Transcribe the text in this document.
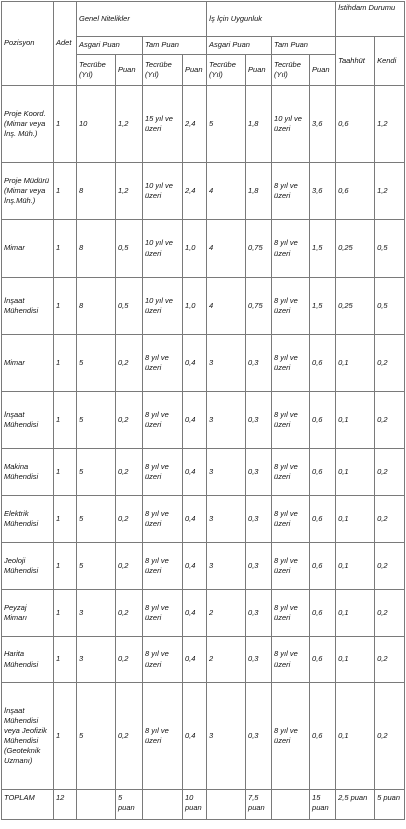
Pozisyon	Adet	Genel Nitelikler				İş İçin Uygunluk				İstihdam Durumu	
		Asgari Puan		Tam Puan		Asgari Puan		Tam Puan		Taahhüt	Kendi
		Tecrübe (Yıl)	Puan	Tecrübe (Yıl)	Puan	Tecrübe (Yıl)	Puan	Tecrübe (Yıl)	Puan		
Proje Koord. (Mimar veya İnş. Müh.)	1	10	1,2	15 yıl ve üzeri	2,4	5	1,8	10 yıl ve üzeri	3,6	0,6	1,2
Proje Müdürü (Mimar veya İnş.Müh.)	1	8	1,2	10 yıl ve üzeri	2,4	4	1,8	8 yıl ve üzeri	3,6	0,6	1,2
Mimar	1	8	0,5	10 yıl ve üzeri	1,0	4	0,75	8 yıl ve üzeri	1,5	0,25	0,5
İnşaat Mühendisi	1	8	0,5	10 yıl ve üzeri	1,0	4	0,75	8 yıl ve üzeri	1,5	0,25	0,5
Mimar	1	5	0,2	8 yıl ve üzeri	0,4	3	0,3	8 yıl ve üzeri	0,6	0,1	0,2
İnşaat Mühendisi	1	5	0,2	8 yıl ve üzeri	0,4	3	0,3	8 yıl ve üzeri	0,6	0,1	0,2
Makina Mühendisi	1	5	0,2	8 yıl ve üzeri	0,4	3	0,3	8 yıl ve üzeri	0,6	0,1	0,2
Elektrik Mühendisi	1	5	0,2	8 yıl ve üzeri	0,4	3	0,3	8 yıl ve üzeri	0,6	0,1	0,2
Jeoloji Mühendisi	1	5	0,2	8 yıl ve üzeri	0,4	3	0,3	8 yıl ve üzeri	0,6	0,1	0,2
Peyzaj Mimarı	1	3	0,2	8 yıl ve üzeri	0,4	2	0,3	8 yıl ve üzeri	0,6	0,1	0,2
Harita Mühendisi	1	3	0,2	8 yıl ve üzeri	0,4	2	0,3	8 yıl ve üzeri	0,6	0,1	0,2
İnşaat Mühendisi veya Jeofizik Mühendisi (Geoteknik Uzmanı)	1	5	0,2	8 yıl ve üzeri	0,4	3	0,3	8 yıl ve üzeri	0,6	0,1	0,2
TOPLAM	12		5 puan		10 puan		7,5 puan		15 puan	2,5 puan	5 puan
